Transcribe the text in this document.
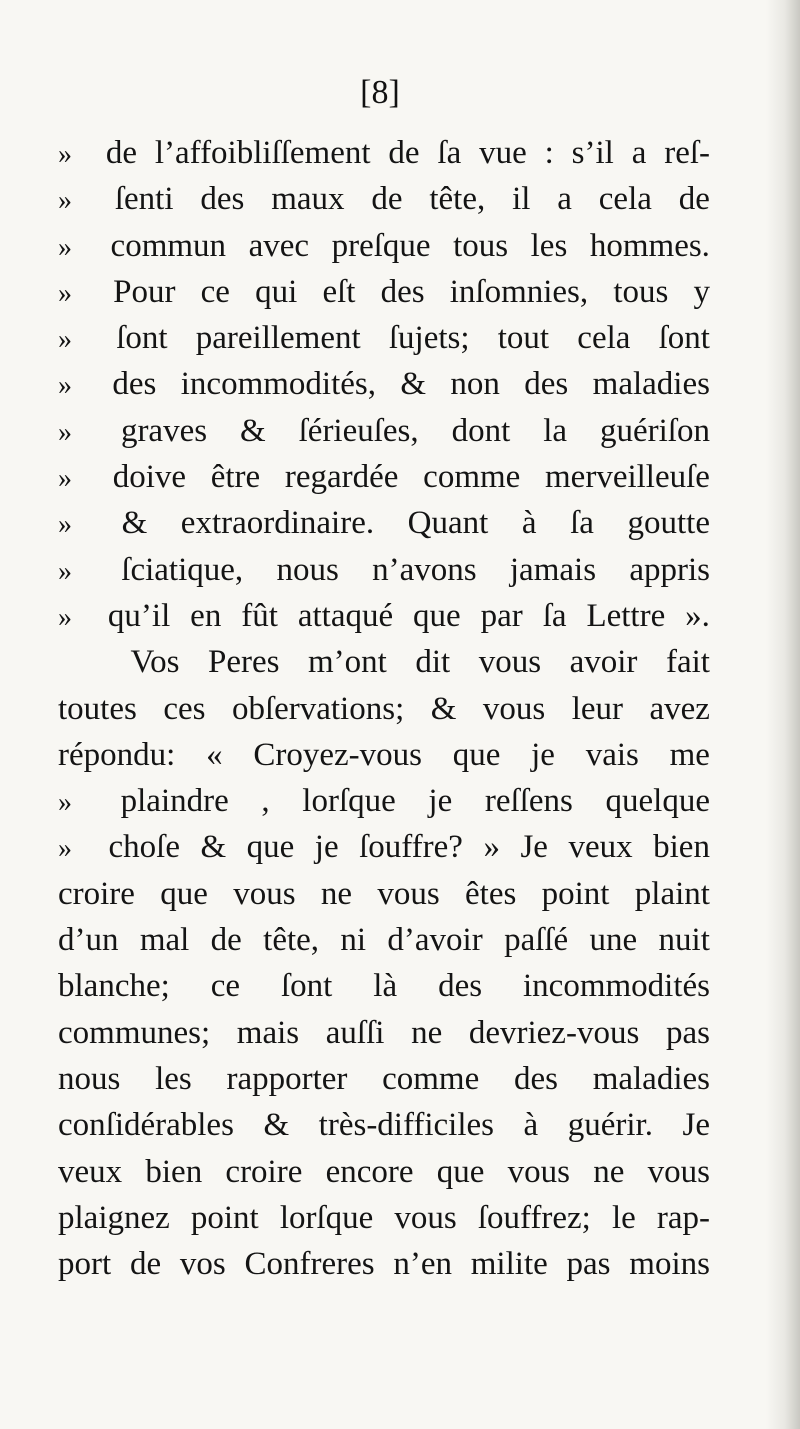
[8]
»	de l’affoibliſſement de ſa vue : s’il a reſ-
»	ſenti des maux de tête, il a cela de
»	commun avec preſque tous les hommes.
»	Pour ce qui eſt des inſomnies, tous y
»	ſont pareillement ſujets; tout cela ſont
»	des incommodités, & non des maladies
»	graves & ſérieuſes, dont la guériſon
»	doive être regardée comme merveilleuſe
»	& extraordinaire. Quant à ſa goutte
»	ſciatique, nous n’avons jamais appris
»	qu’il en fût attaqué que par ſa Lettre ».
Vos Peres m’ont dit vous avoir fait
toutes ces obſervations; & vous leur avez
répondu: « Croyez-vous que je vais me
»	plaindre , lorſque je reſſens quelque
»	choſe & que je ſouffre? » Je veux bien
croire que vous ne vous êtes point plaint
d’un mal de tête, ni d’avoir paſſé une nuit
blanche; ce ſont là des incommodités
communes; mais auſſi ne devriez-vous pas
nous les rapporter comme des maladies
conſidérables & très-difficiles à guérir. Je
veux bien croire encore que vous ne vous
plaignez point lorſque vous ſouffrez; le rap-
port de vos Confreres n’en milite pas moins
